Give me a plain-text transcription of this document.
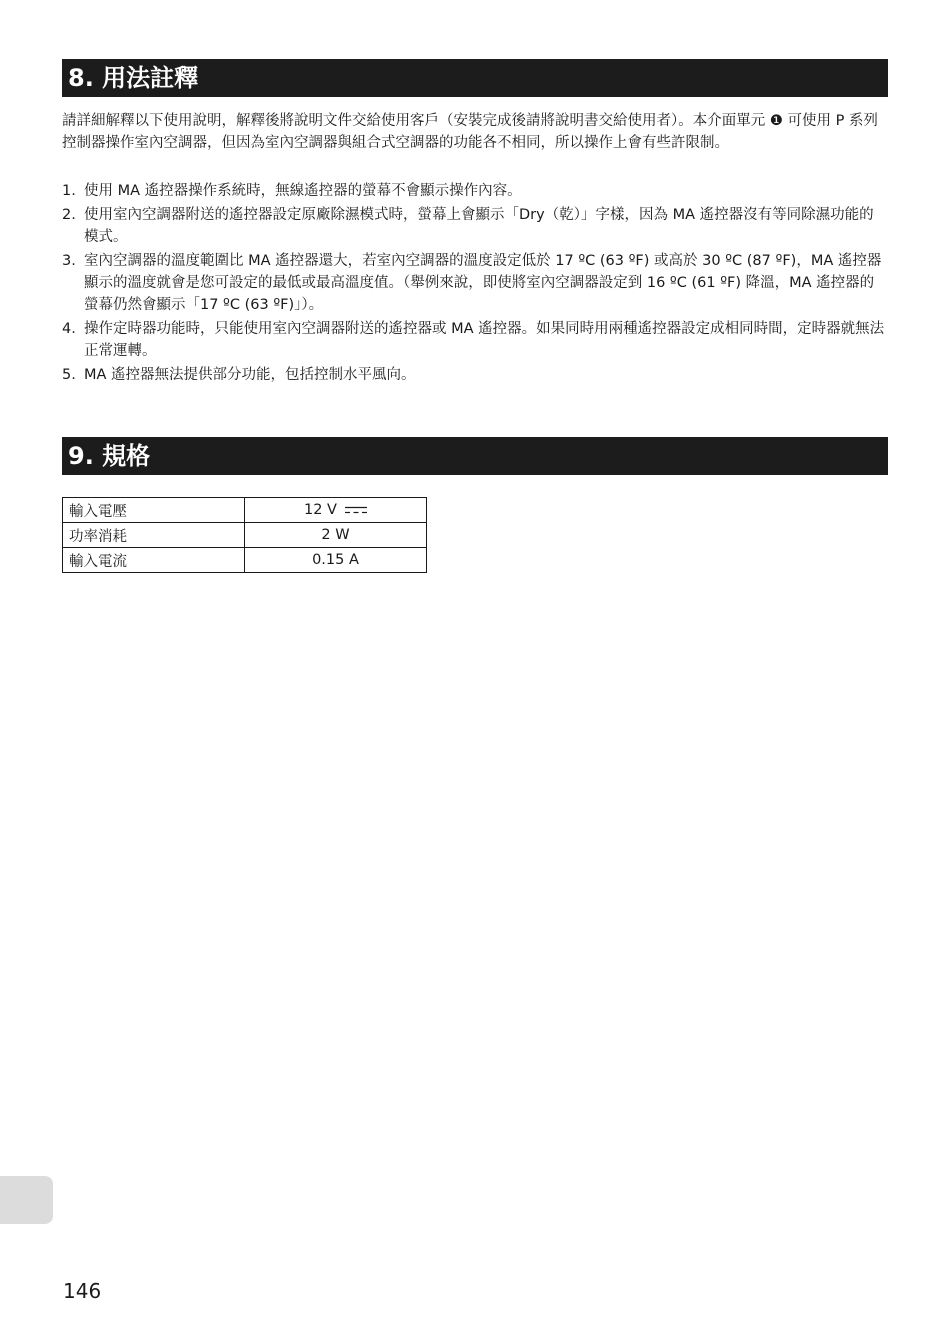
8. 用法註釋
請詳細解釋以下使用說明，解釋後將說明文件交給使用客戶（安裝完成後請將說明書交給使用者）。本介面單元 ❶ 可使用 P 系列控制器操作室內空調器，但因為室內空調器與組合式空調器的功能各不相同，所以操作上會有些許限制。
1. 使用 MA 遙控器操作系統時，無線遙控器的螢幕不會顯示操作內容。
2. 使用室內空調器附送的遙控器設定原廠除濕模式時，螢幕上會顯示「Dry（乾）」字樣，因為 MA 遙控器沒有等同除濕功能的模式。
3. 室內空調器的溫度範圍比 MA 遙控器還大，若室內空調器的溫度設定低於 17 ºC (63 ºF) 或高於 30 ºC (87 ºF)，MA 遙控器顯示的溫度就會是您可設定的最低或最高溫度值。（舉例來說，即使將室內空調器設定到 16 ºC (61 ºF) 降溫，MA 遙控器的螢幕仍然會顯示「17 ºC (63 ºF)」）。
4. 操作定時器功能時，只能使用室內空調器附送的遙控器或 MA 遙控器。如果同時用兩種遙控器設定成相同時間，定時器就無法正常運轉。
5. MA 遙控器無法提供部分功能，包括控制水平風向。
9. 規格
輸入電壓	12 V
功率消耗	2 W
輸入電流	0.15 A
146
